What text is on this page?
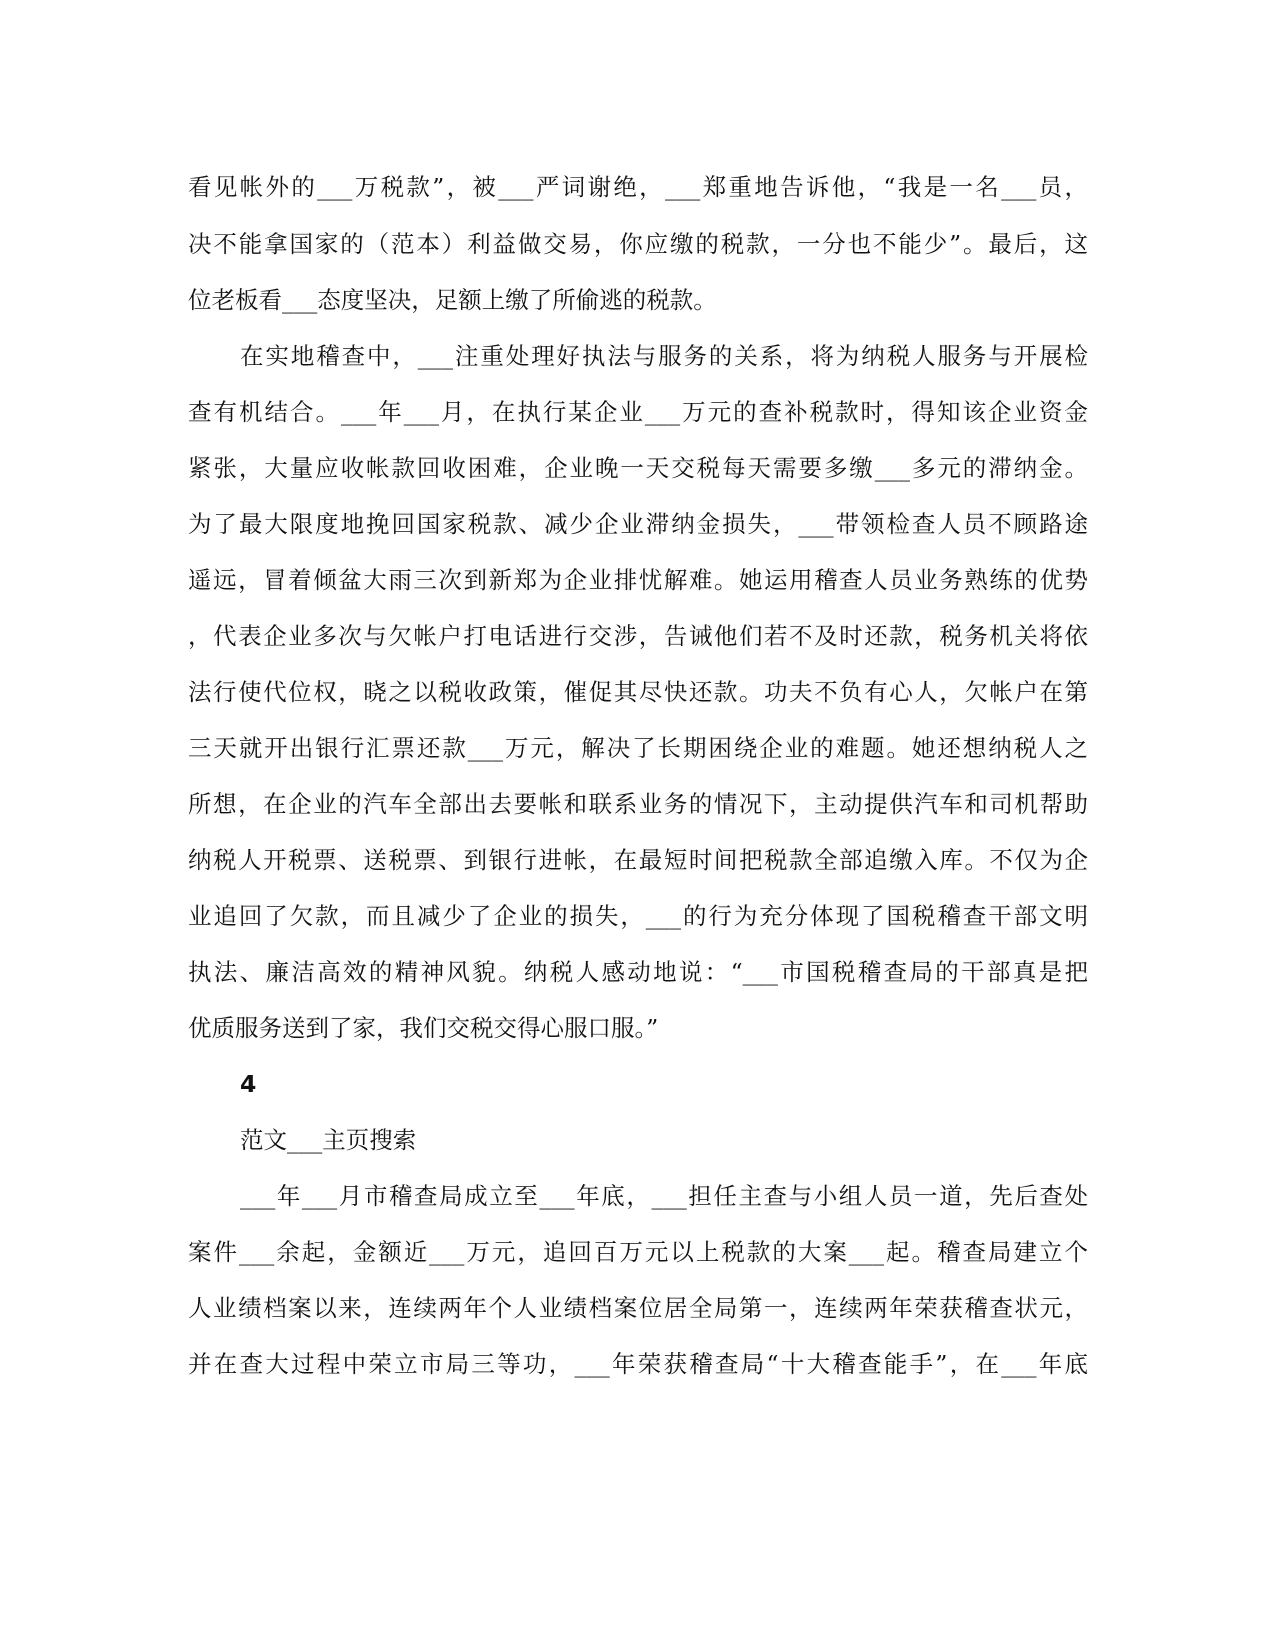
看见帐外的___万税款”，被___严词谢绝，___郑重地告诉他，“我是一名___员，
决不能拿国家的（范本）利益做交易，你应缴的税款，一分也不能少”。最后，这
位老板看___态度坚决，足额上缴了所偷逃的税款。
在实地稽查中，___注重处理好执法与服务的关系，将为纳税人服务与开展检
查有机结合。___年___月，在执行某企业___万元的查补税款时，得知该企业资金
紧张，大量应收帐款回收困难，企业晚一天交税每天需要多缴___多元的滞纳金。
为了最大限度地挽回国家税款、减少企业滞纳金损失，___带领检查人员不顾路途
遥远，冒着倾盆大雨三次到新郑为企业排忧解难。她运用稽查人员业务熟练的优势
，代表企业多次与欠帐户打电话进行交涉，告诫他们若不及时还款，税务机关将依
法行使代位权，晓之以税收政策，催促其尽快还款。功夫不负有心人，欠帐户在第
三天就开出银行汇票还款___万元，解决了长期困绕企业的难题。她还想纳税人之
所想，在企业的汽车全部出去要帐和联系业务的情况下，主动提供汽车和司机帮助
纳税人开税票、送税票、到银行进帐，在最短时间把税款全部追缴入库。不仅为企
业追回了欠款，而且减少了企业的损失，___的行为充分体现了国税稽查干部文明
执法、廉洁高效的精神风貌。纳税人感动地说：“___市国税稽查局的干部真是把
优质服务送到了家，我们交税交得心服口服。”
4
范文___主页搜索
___年___月市稽查局成立至___年底，___担任主查与小组人员一道，先后查处
案件___余起，金额近___万元，追回百万元以上税款的大案___起。稽查局建立个
人业绩档案以来，连续两年个人业绩档案位居全局第一，连续两年荣获稽查状元，
并在查大过程中荣立市局三等功，___年荣获稽查局“十大稽查能手”，在___年底
